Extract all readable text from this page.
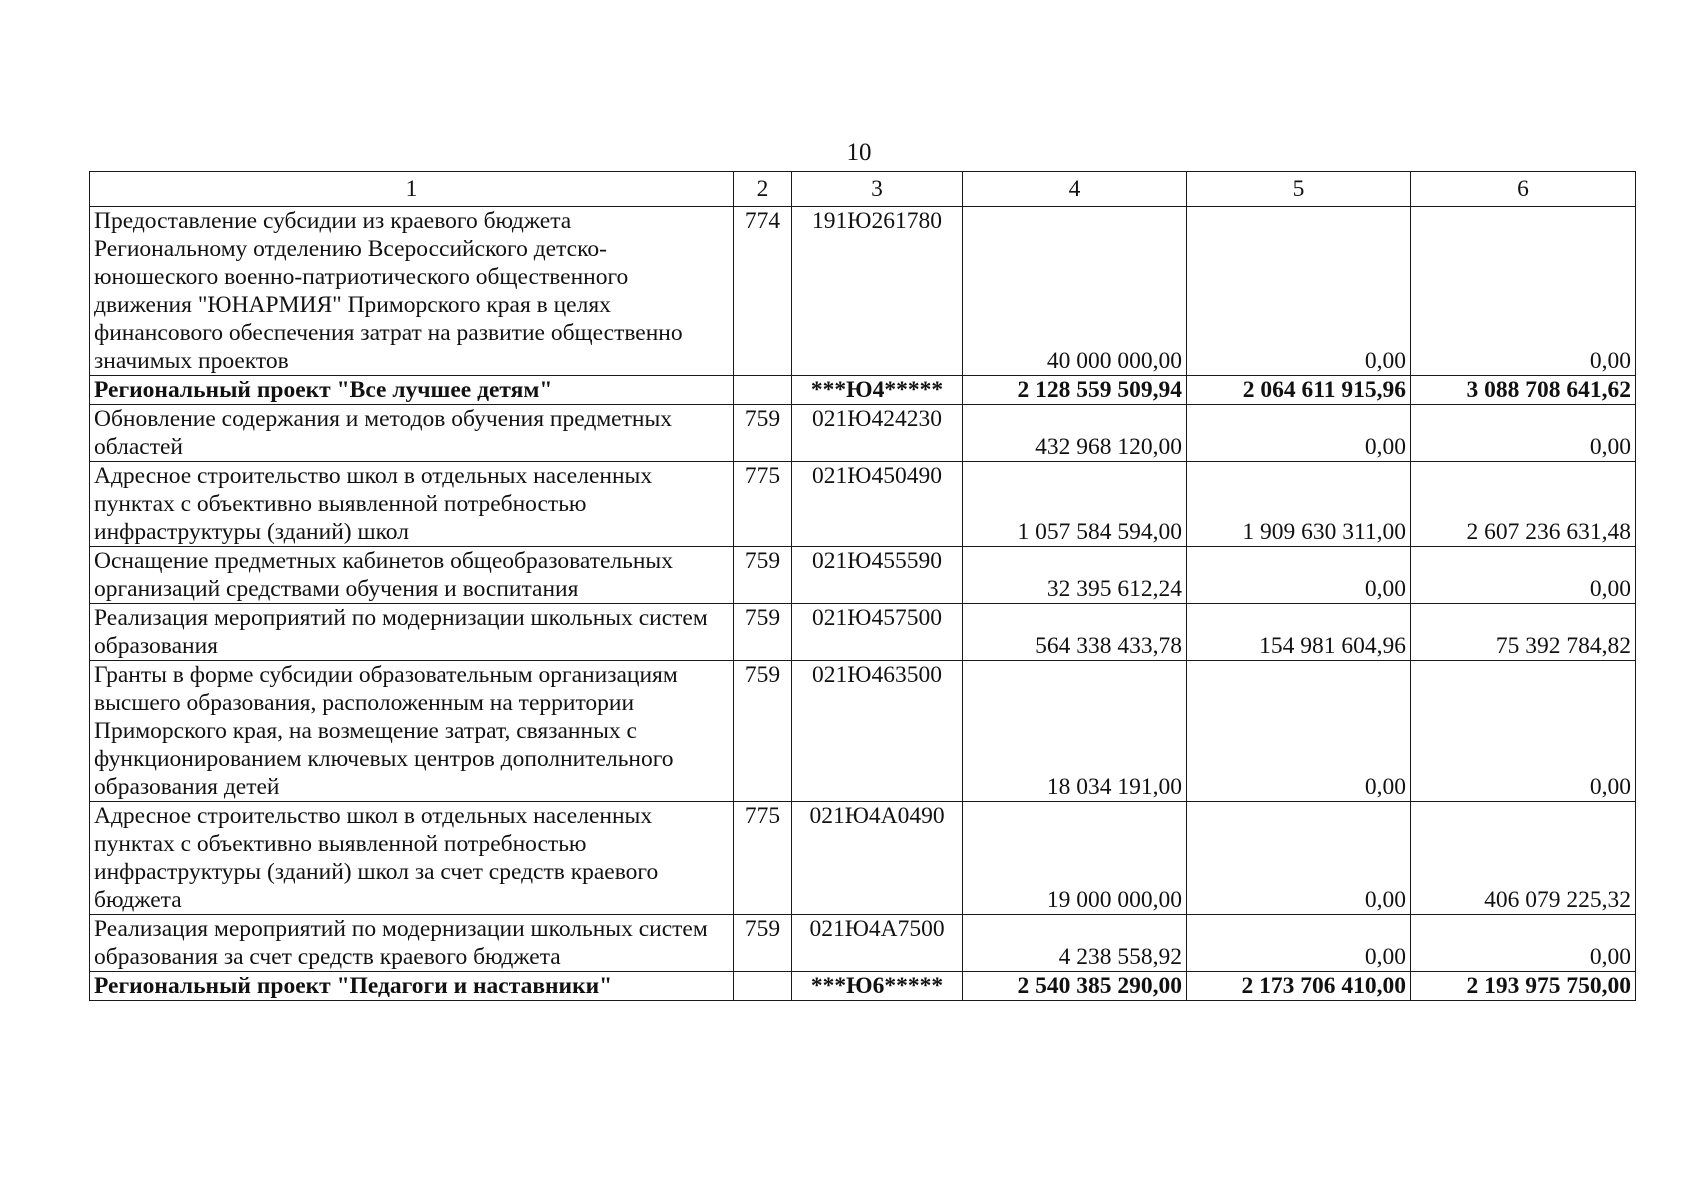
10
1	2	3	4	5	6
Предоставление субсидии из краевого бюджета Региональному отделению Всероссийского детско-юношеского военно-патриотического общественного движения "ЮНАРМИЯ" Приморского края в целях финансового обеспечения затрат на развитие общественно значимых проектов	774	191Ю261780	40 000 000,00	0,00	0,00
Региональный проект "Все лучшее детям"		***Ю4*****	2 128 559 509,94	2 064 611 915,96	3 088 708 641,62
Обновление содержания и методов обучения предметных областей	759	021Ю424230	432 968 120,00	0,00	0,00
Адресное строительство школ в отдельных населенных пунктах с объективно выявленной потребностью инфраструктуры (зданий) школ	775	021Ю450490	1 057 584 594,00	1 909 630 311,00	2 607 236 631,48
Оснащение предметных кабинетов общеобразовательных организаций средствами обучения и воспитания	759	021Ю455590	32 395 612,24	0,00	0,00
Реализация мероприятий по модернизации школьных систем образования	759	021Ю457500	564 338 433,78	154 981 604,96	75 392 784,82
Гранты в форме субсидии образовательным организациям высшего образования, расположенным на территории Приморского края, на возмещение затрат, связанных с функционированием ключевых центров дополнительного образования детей	759	021Ю463500	18 034 191,00	0,00	0,00
Адресное строительство школ в отдельных населенных пунктах с объективно выявленной потребностью инфраструктуры (зданий) школ за счет средств краевого бюджета	775	021Ю4А0490	19 000 000,00	0,00	406 079 225,32
Реализация мероприятий по модернизации школьных систем образования за счет средств краевого бюджета	759	021Ю4А7500	4 238 558,92	0,00	0,00
Региональный проект "Педагоги и наставники"		***Ю6*****	2 540 385 290,00	2 173 706 410,00	2 193 975 750,00
